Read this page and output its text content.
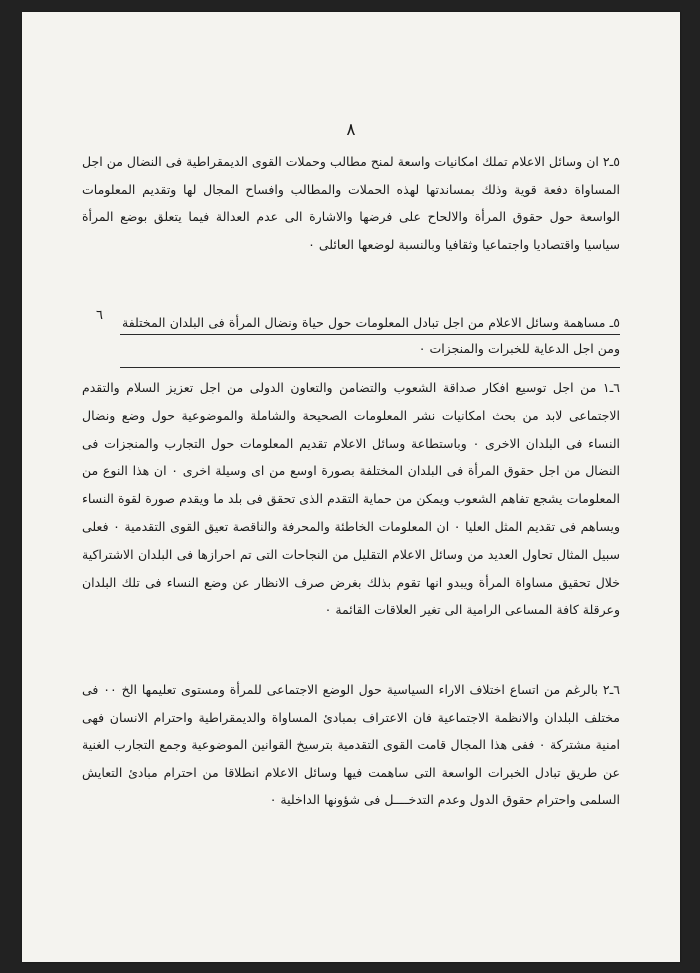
٨

٥ـ٢ ان وسائل الاعلام تملك امكانيات واسعة لمنح مطالب وحملات القوى الديمقراطية فى النضال من اجل المساواة دفعة قوية وذلك بمساندتها لهذه الحملات والمطالب وافساح المجال لها وتقديم المعلومات الواسعة حول حقوق المرأة والالحاح على فرضها والاشارة الى عدم العدالة فيما يتعلق بوضع المرأة سياسيا واقتصاديا واجتماعيا وثقافيا وبالنسبة لوضعها العائلى ٠

٦ ٥ـ مساهمة وسائل الاعلام من اجل تبادل المعلومات حول حياة ونضال المرأة فى البلدان المختلفة ومن اجل الدعاية للخبرات والمنجزات ٠

٦ـ١ من اجل توسيع افكار صداقة الشعوب والتضامن والتعاون الدولى من اجل تعزيز السلام والتقدم الاجتماعى لابد من بحث امكانيات نشر المعلومات الصحيحة والشاملة والموضوعية حول وضع ونضال النساء فى البلدان الاخرى ٠ وباستطاعة وسائل الاعلام تقديم المعلومات حول التجارب والمنجزات فى النضال من اجل حقوق المرأة فى البلدان المختلفة بصورة اوسع من اى وسيلة اخرى ٠ ان هذا النوع من المعلومات يشجع تفاهم الشعوب ويمكن من حماية التقدم الذى تحقق فى بلد ما ويقدم صورة لقوة النساء ويساهم فى تقديم المثل العليا ٠ ان المعلومات الخاطئة والمحرفة والناقصة تعيق القوى التقدمية ٠ فعلى سبيل المثال تحاول العديد من وسائل الاعلام التقليل من النجاحات التى تم احرازها فى البلدان الاشتراكية خلال تحقيق مساواة المرأة ويبدو انها تقوم بذلك بغرض صرف الانظار عن وضع النساء فى تلك البلدان وعرقلة كافة المساعى الرامية الى تغير العلاقات القائمة ٠

٦ـ٢ بالرغم من اتساع اختلاف الاراء السياسية حول الوضع الاجتماعى للمرأة ومستوى تعليمها الخ ٠٠ فى مختلف البلدان والانظمة الاجتماعية فان الاعتراف بمبادئ المساواة والديمقراطية واحترام الانسان فهى امنية مشتركة ٠ ففى هذا المجال قامت القوى التقدمية بترسيخ القوانين الموضوعية وجمع التجارب الغنية عن طريق تبادل الخبرات الواسعة التى ساهمت فيها وسائل الاعلام انطلاقا من احترام مبادئ التعايش السلمى واحترام حقوق الدول وعدم التدخــــل فى شؤونها الداخلية ٠
